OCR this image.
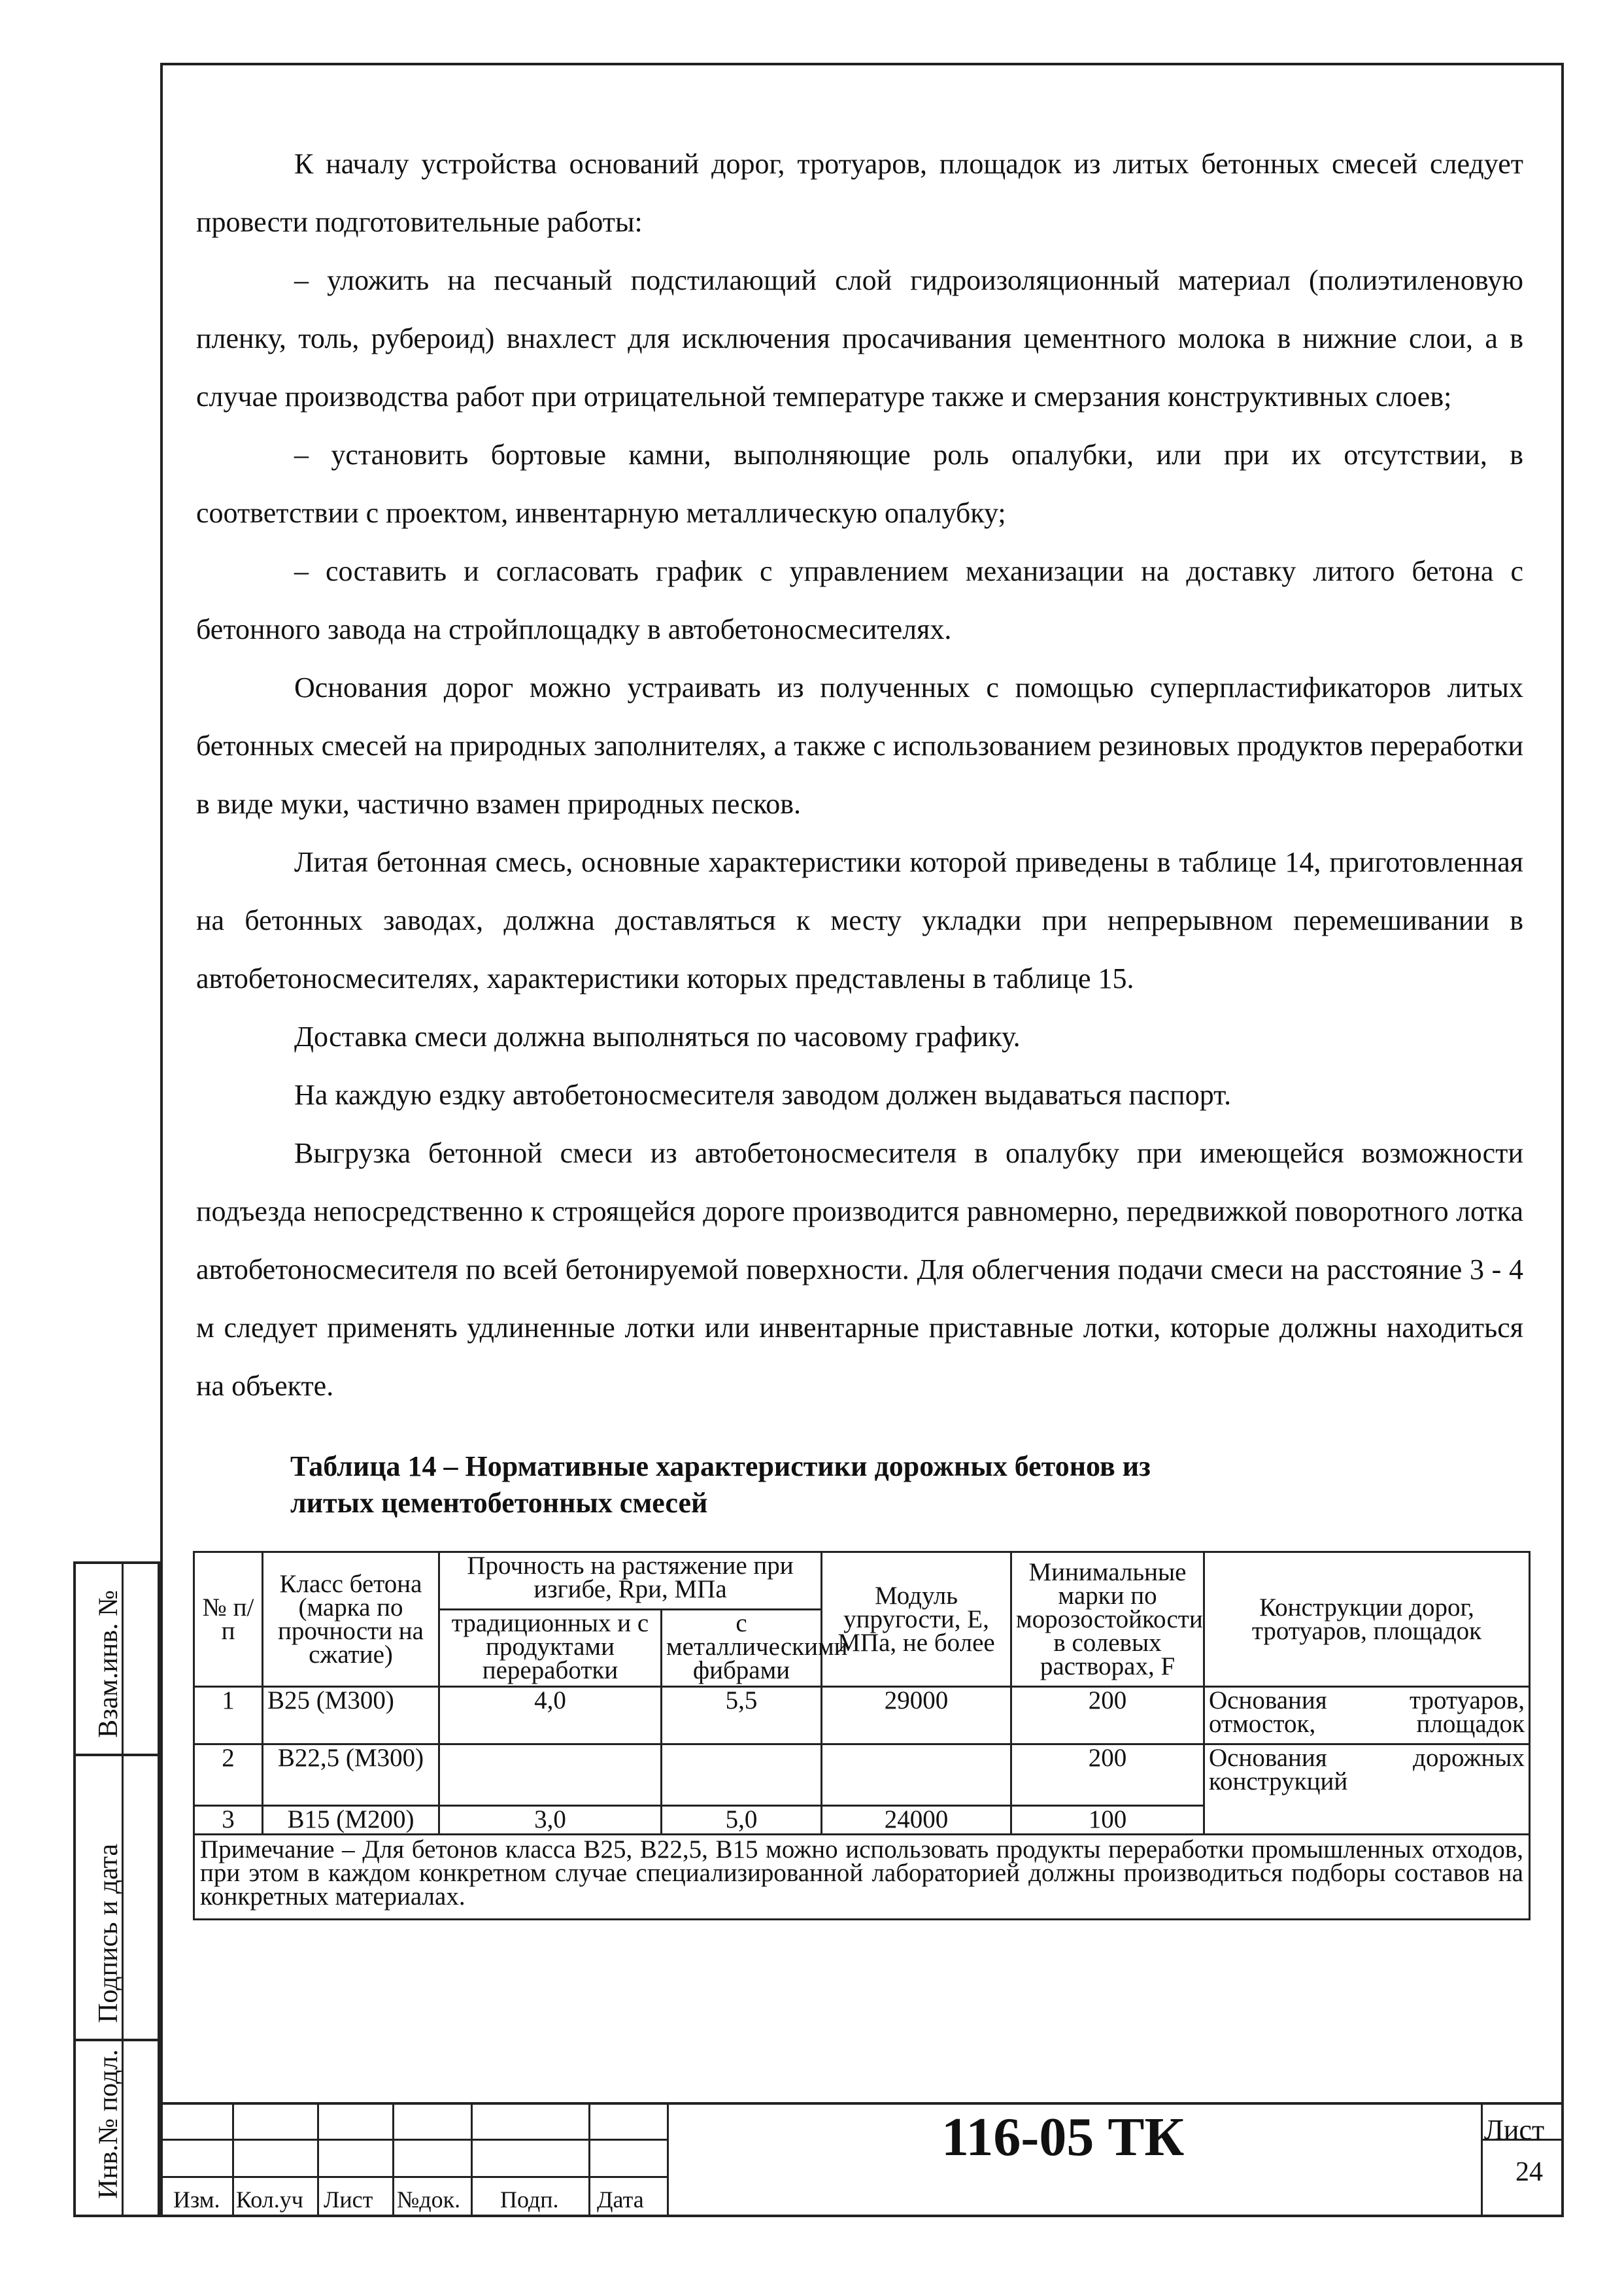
К началу устройства оснований дорог, тротуаров, площадок из литых бетонных смесей следует провести подготовительные работы:

– уложить на песчаный подстилающий слой гидроизоляционный материал (полиэтиленовую пленку, толь, рубероид) внахлест для исключения просачивания цементного молока в нижние слои, а в случае производства работ при отрицательной температуре также и смерзания конструктивных слоев;

– установить бортовые камни, выполняющие роль опалубки, или при их отсутствии, в соответствии с проектом, инвентарную металлическую опалубку;

– составить и согласовать график с управлением механизации на доставку литого бетона с бетонного завода на стройплощадку в автобетоносмесителях.

Основания дорог можно устраивать из полученных с помощью суперпластификаторов литых бетонных смесей на природных заполнителях, а также с использованием резиновых продуктов переработки в виде муки, частично взамен природных песков.

Литая бетонная смесь, основные характеристики которой приведены в таблице 14, приготовленная на бетонных заводах, должна доставляться к месту укладки при непрерывном перемешивании в автобетоносмесителях, характеристики которых представлены в таблице 15.

Доставка смеси должна выполняться по часовому графику.

На каждую ездку автобетоносмесителя заводом должен выдаваться паспорт.

Выгрузка бетонной смеси из автобетоносмесителя в опалубку при имеющейся возможности подъезда непосредственно к строящейся дороге производится равномерно, передвижкой поворотного лотка автобетоносмесителя по всей бетонируемой поверхности. Для облегчения подачи смеси на расстояние 3 - 4 м следует применять удлиненные лотки или инвентарные приставные лотки, которые должны находиться на объекте.

Таблица 14 – Нормативные характеристики дорожных бетонов из
литых цементобетонных смесей
№ п/п	Класс бетона (марка по прочности на сжатие)	Прочность на растяжение при изгибе, Rри, МПа		Модуль упругости, Е, МПа, не более	Минимальные марки по морозостойкости в солевых растворах, F	Конструкции дорог, тротуаров, площадок
		традиционных и с продуктами переработки	с металлическими фибрами			
1	B25 (M300)	4,0	5,5	29000	200	Основания тротуаров, отмосток, площадок
2	B22,5 (M300)				200	Основания дорожных конструкций
3	B15 (M200)	3,0	5,0	24000	100	
Примечание – Для бетонов класса В25, В22,5, В15 можно использовать продукты переработки промышленных отходов, при этом в каждом конкретном случае специализированной лабораторией должны производиться подборы составов на конкретных материалах.						
Взам.инв. №
Подпись и дата
Инв.№ подл.
Изм. Кол.уч Лист №док. Подп. Дата
116-05 ТК	Лист
24
